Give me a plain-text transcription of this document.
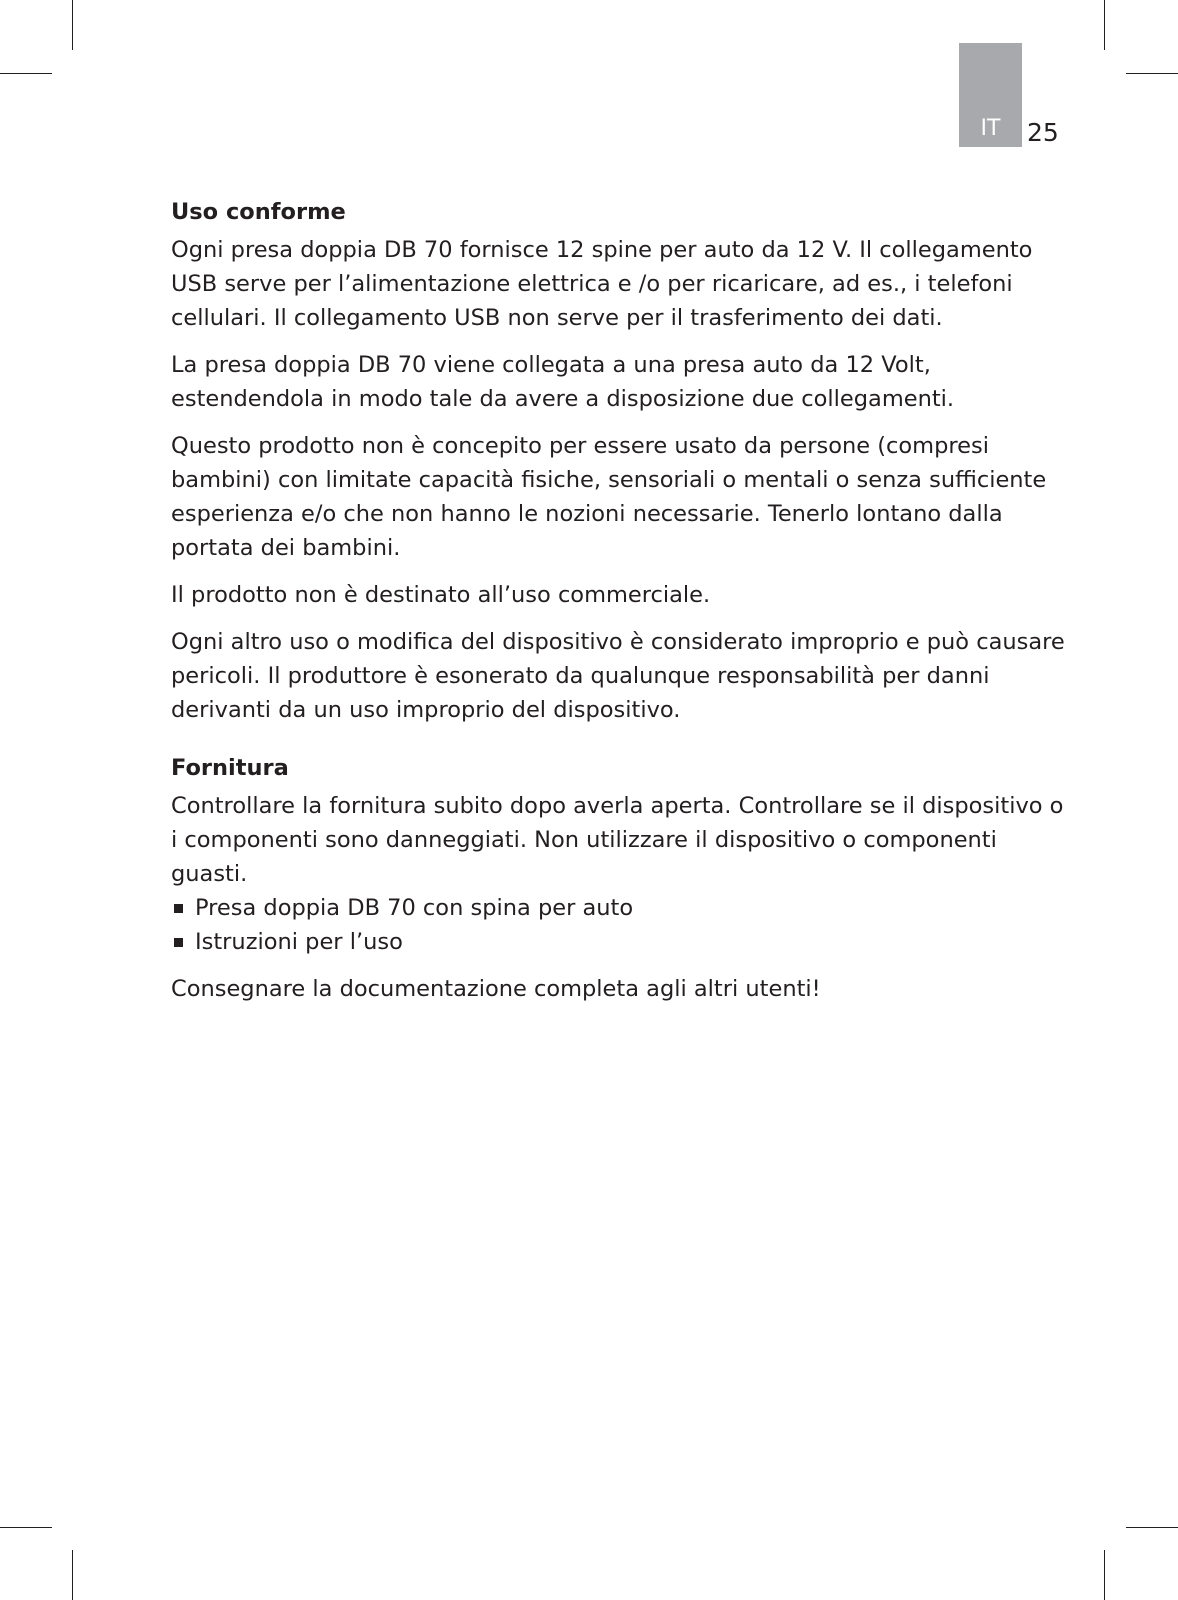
IT	25
Uso conforme

Ogni presa doppia DB 70 fornisce 12 spine per auto da 12 V. Il collegamento USB serve per l’alimentazione elettrica e /o per ricaricare, ad es., i telefoni cellulari. Il collegamento USB non serve per il trasferimento dei dati.

La presa doppia DB 70 viene collegata a una presa auto da 12 Volt, estendendola in modo tale da avere a disposizione due collegamenti.

Questo prodotto non è concepito per essere usato da persone (compresi bambini) con limitate capacità fisiche, sensoriali o mentali o senza sufficiente esperienza e/o che non hanno le nozioni necessarie. Tenerlo lontano dalla portata dei bambini.

Il prodotto non è destinato all’uso commerciale.

Ogni altro uso o modifica del dispositivo è considerato improprio e può causare pericoli. Il produttore è esonerato da qualunque responsabilità per danni derivanti da un uso improprio del dispositivo.

Fornitura

Controllare la fornitura subito dopo averla aperta. Controllare se il dispositivo o i componenti sono danneggiati. Non utilizzare il dispositivo o componenti guasti.

Presa doppia DB 70 con spina per auto
Istruzioni per l’uso

Consegnare la documentazione completa agli altri utenti!
